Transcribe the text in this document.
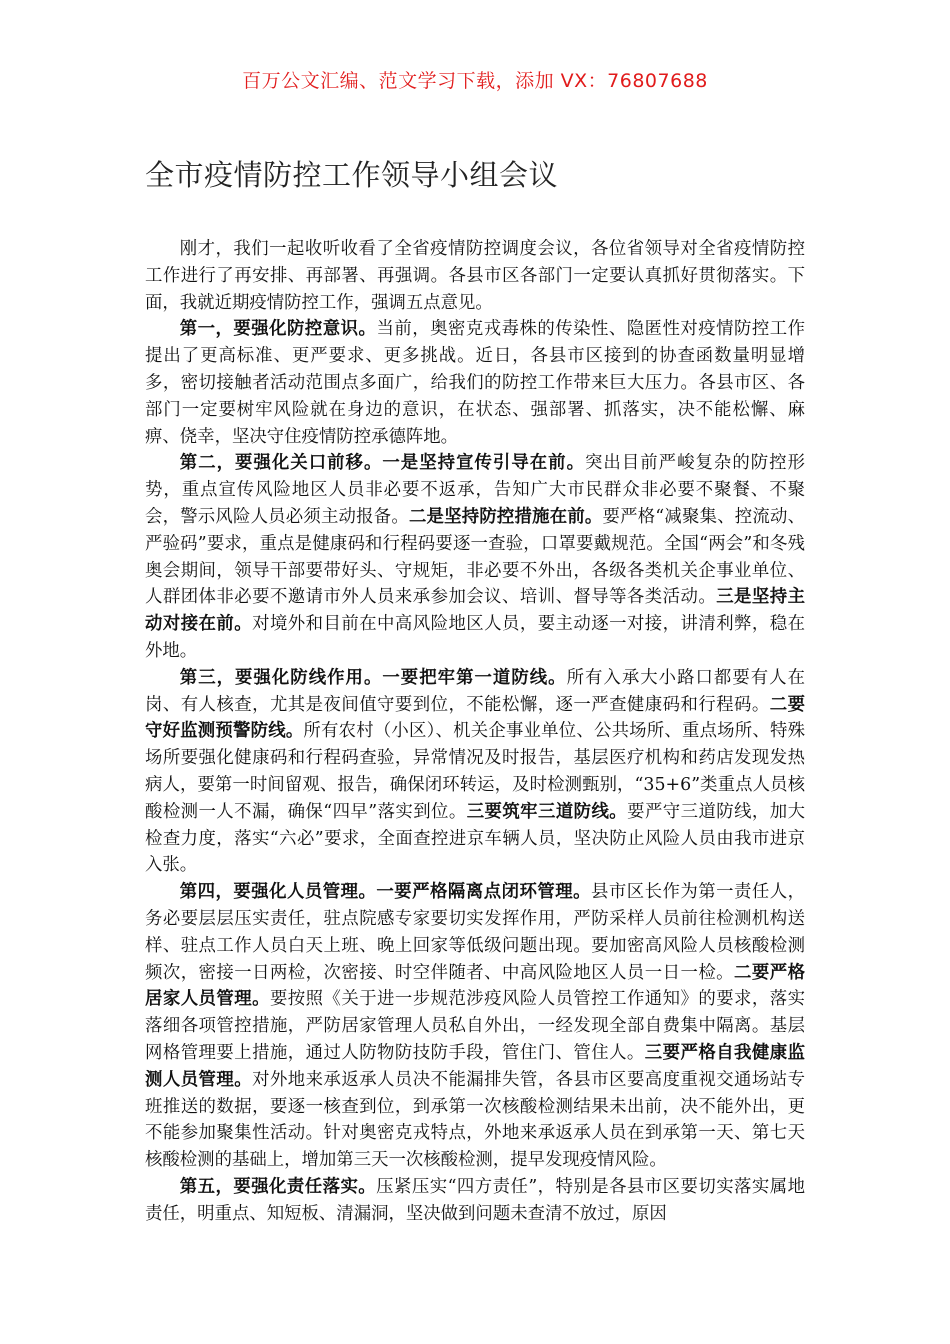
百万公文汇编、范文学习下载，添加 VX：76807688
全市疫情防控工作领导小组会议

刚才，我们一起收听收看了全省疫情防控调度会议，各位省领导对全省疫情防控工作进行了再安排、再部署、再强调。各县市区各部门一定要认真抓好贯彻落实。下面，我就近期疫情防控工作，强调五点意见。

第一，要强化防控意识。当前，奥密克戎毒株的传染性、隐匿性对疫情防控工作提出了更高标准、更严要求、更多挑战。近日，各县市区接到的协查函数量明显增多，密切接触者活动范围点多面广，给我们的防控工作带来巨大压力。各县市区、各部门一定要树牢风险就在身边的意识，在状态、强部署、抓落实，决不能松懈、麻痹、侥幸，坚决守住疫情防控承德阵地。

第二，要强化关口前移。一是坚持宣传引导在前。突出目前严峻复杂的防控形势，重点宣传风险地区人员非必要不返承，告知广大市民群众非必要不聚餐、不聚会，警示风险人员必须主动报备。二是坚持防控措施在前。要严格“减聚集、控流动、严验码”要求，重点是健康码和行程码要逐一查验，口罩要戴规范。全国“两会”和冬残奥会期间，领导干部要带好头、守规矩，非必要不外出，各级各类机关企事业单位、人群团体非必要不邀请市外人员来承参加会议、培训、督导等各类活动。三是坚持主动对接在前。对境外和目前在中高风险地区人员，要主动逐一对接，讲清利弊，稳在外地。

第三，要强化防线作用。一要把牢第一道防线。所有入承大小路口都要有人在岗、有人核查，尤其是夜间值守要到位，不能松懈，逐一严查健康码和行程码。二要守好监测预警防线。所有农村（小区）、机关企事业单位、公共场所、重点场所、特殊场所要强化健康码和行程码查验，异常情况及时报告，基层医疗机构和药店发现发热病人，要第一时间留观、报告，确保闭环转运，及时检测甄别，“35+6”类重点人员核酸检测一人不漏，确保“四早”落实到位。三要筑牢三道防线。要严守三道防线，加大检查力度，落实“六必”要求，全面查控进京车辆人员，坚决防止风险人员由我市进京入张。

第四，要强化人员管理。一要严格隔离点闭环管理。县市区长作为第一责任人，务必要层层压实责任，驻点院感专家要切实发挥作用，严防采样人员前往检测机构送样、驻点工作人员白天上班、晚上回家等低级问题出现。要加密高风险人员核酸检测频次，密接一日两检，次密接、时空伴随者、中高风险地区人员一日一检。二要严格居家人员管理。要按照《关于进一步规范涉疫风险人员管控工作通知》的要求，落实落细各项管控措施，严防居家管理人员私自外出，一经发现全部自费集中隔离。基层网格管理要上措施，通过人防物防技防手段，管住门、管住人。三要严格自我健康监测人员管理。对外地来承返承人员决不能漏排失管，各县市区要高度重视交通场站专班推送的数据，要逐一核查到位，到承第一次核酸检测结果未出前，决不能外出，更不能参加聚集性活动。针对奥密克戎特点，外地来承返承人员在到承第一天、第七天核酸检测的基础上，增加第三天一次核酸检测，提早发现疫情风险。

第五，要强化责任落实。压紧压实“四方责任”，特别是各县市区要切实落实属地责任，明重点、知短板、清漏洞，坚决做到问题未查清不放过，原因
